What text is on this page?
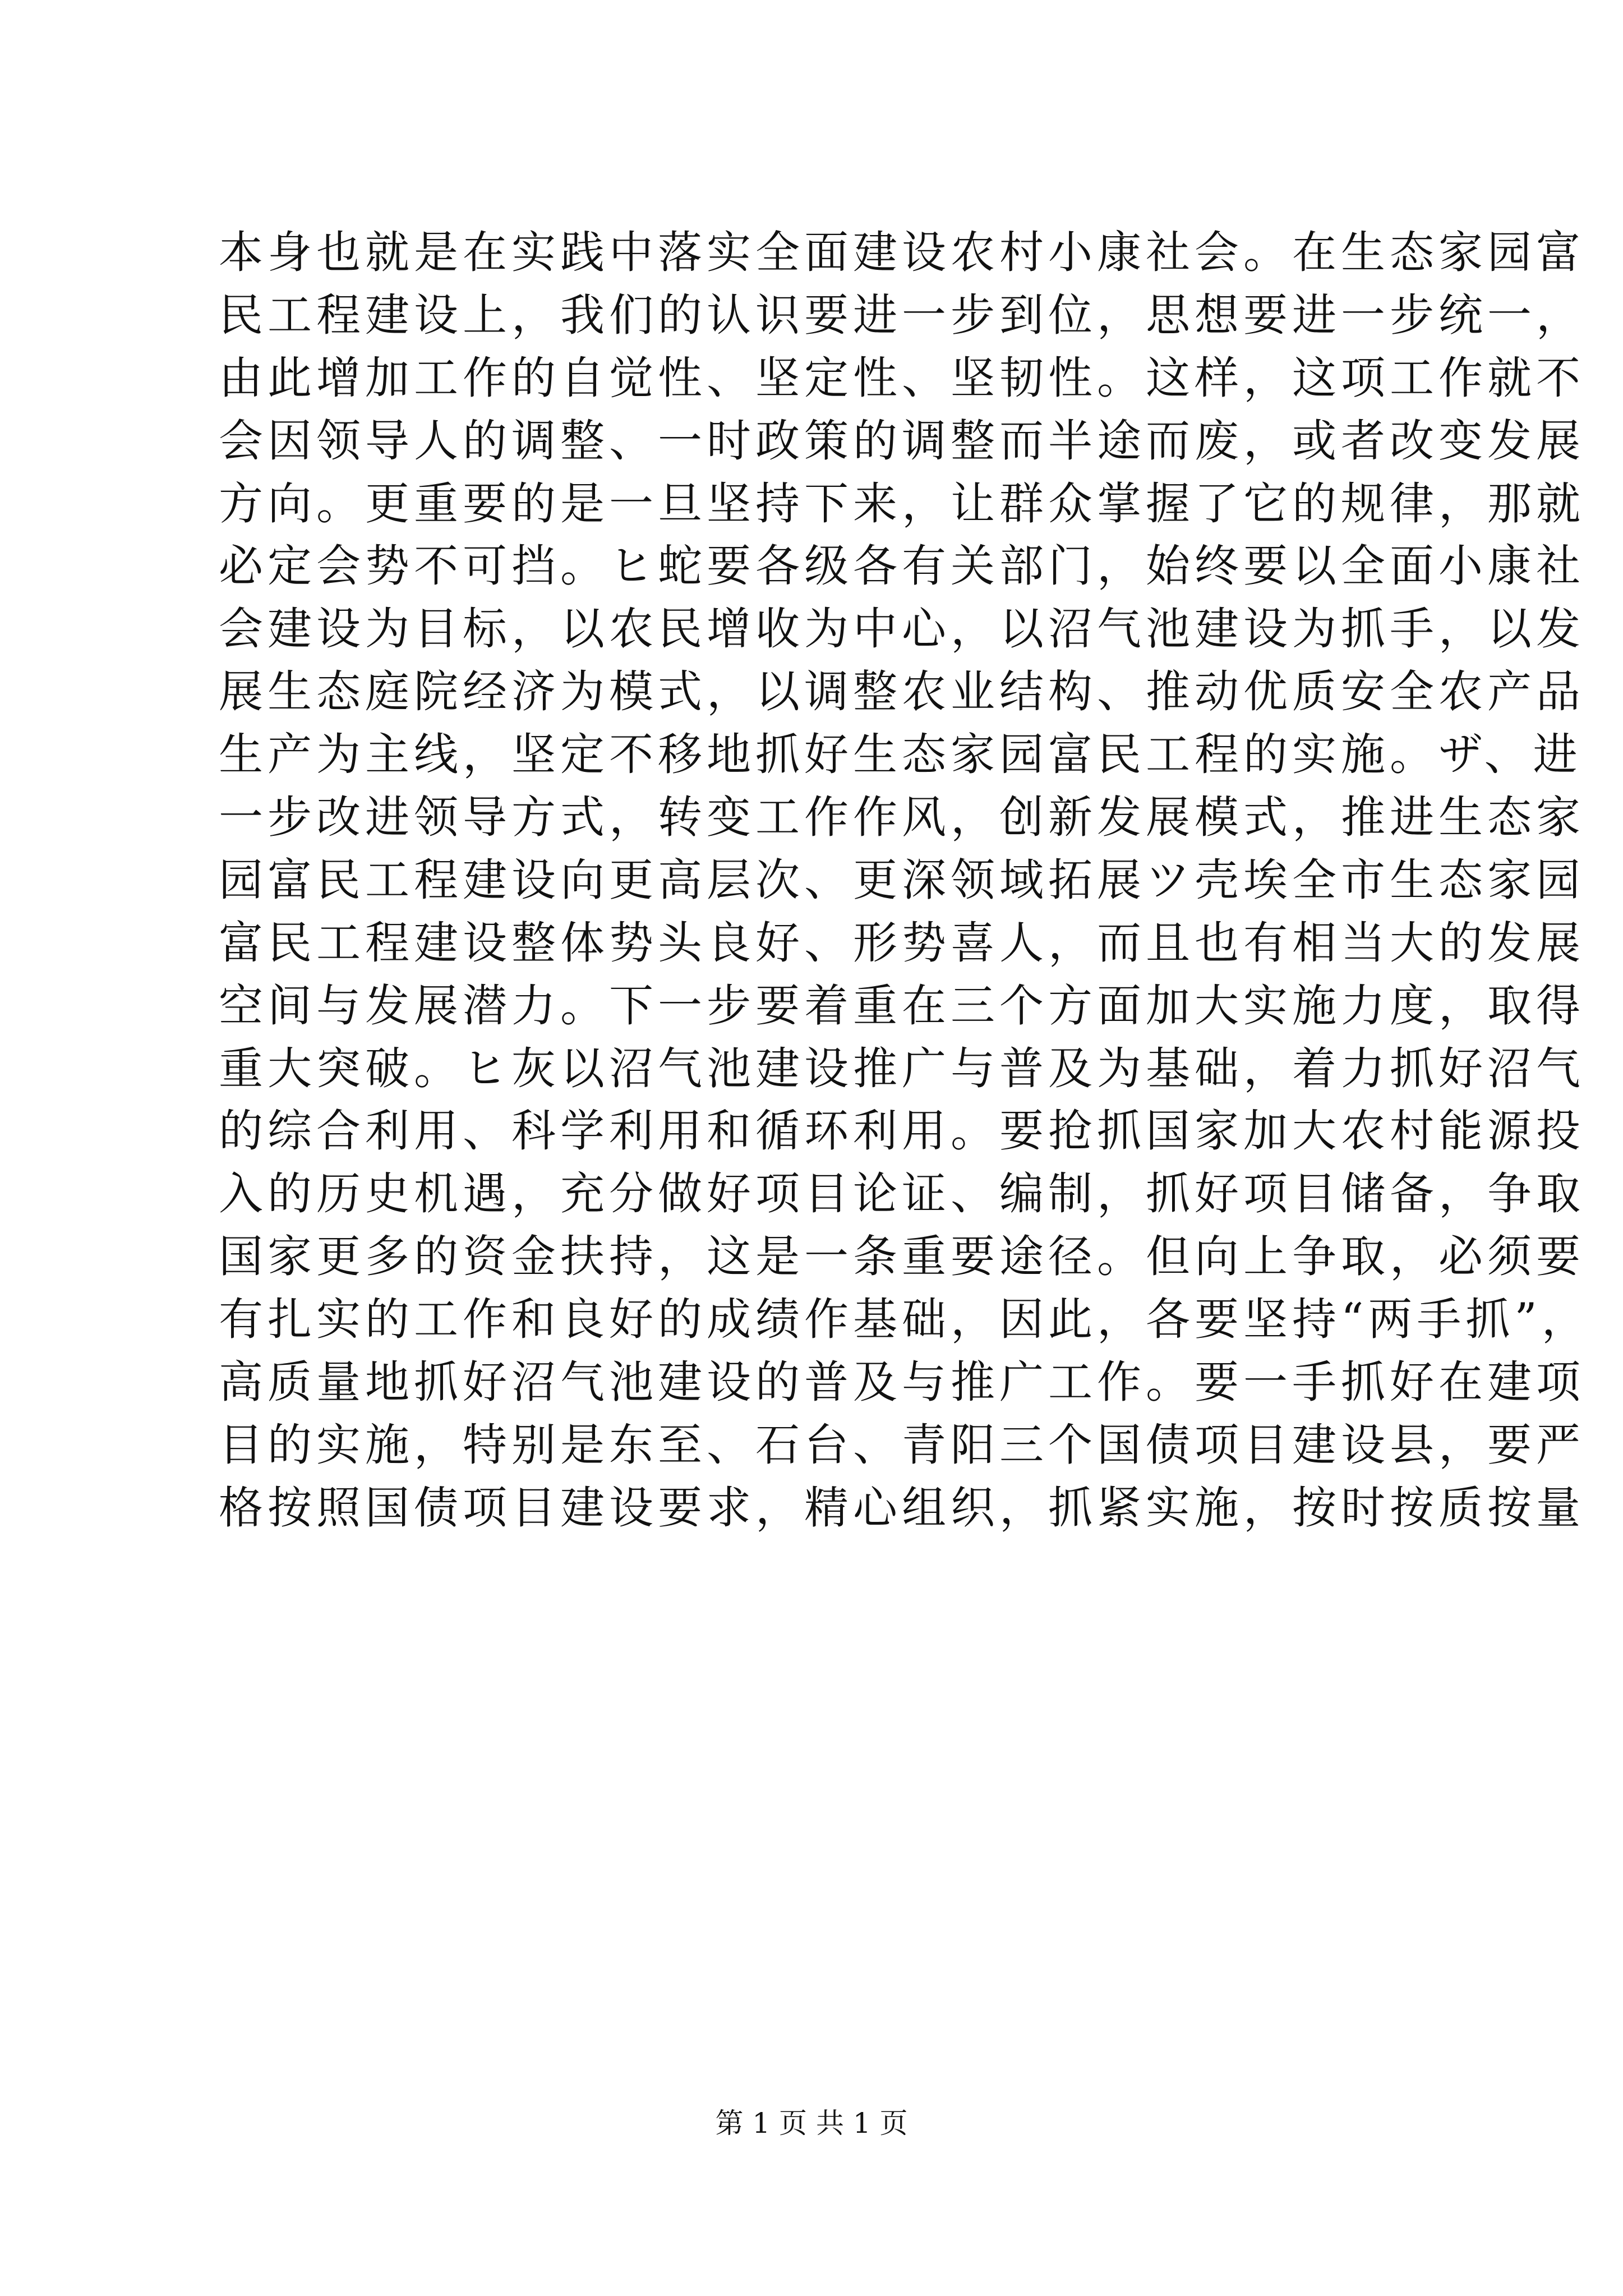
本身也就是在实践中落实全面建设农村小康社会。在生态家园富
民工程建设上，我们的认识要进一步到位，思想要进一步统一，
由此增加工作的自觉性、坚定性、坚韧性。这样，这项工作就不
会因领导人的调整、一时政策的调整而半途而废，或者改变发展
方向。更重要的是一旦坚持下来，让群众掌握了它的规律，那就
必定会势不可挡。ヒ蛇要各级各有关部门，始终要以全面小康社
会建设为目标，以农民增收为中心，以沼气池建设为抓手，以发
展生态庭院经济为模式，以调整农业结构、推动优质安全农产品
生产为主线，坚定不移地抓好生态家园富民工程的实施。ザ、进
一步改进领导方式，转变工作作风，创新发展模式，推进生态家
园富民工程建设向更高层次、更深领域拓展ツ壳埃全市生态家园
富民工程建设整体势头良好、形势喜人，而且也有相当大的发展
空间与发展潜力。下一步要着重在三个方面加大实施力度，取得
重大突破。ヒ灰以沼气池建设推广与普及为基础，着力抓好沼气
的综合利用、科学利用和循环利用。要抢抓国家加大农村能源投
入的历史机遇，充分做好项目论证、编制，抓好项目储备，争取
国家更多的资金扶持，这是一条重要途径。但向上争取，必须要
有扎实的工作和良好的成绩作基础，因此，各要坚持“两手抓”，
高质量地抓好沼气池建设的普及与推广工作。要一手抓好在建项
目的实施，特别是东至、石台、青阳三个国债项目建设县，要严
格按照国债项目建设要求，精心组织，抓紧实施，按时按质按量
第 1 页 共 1 页
